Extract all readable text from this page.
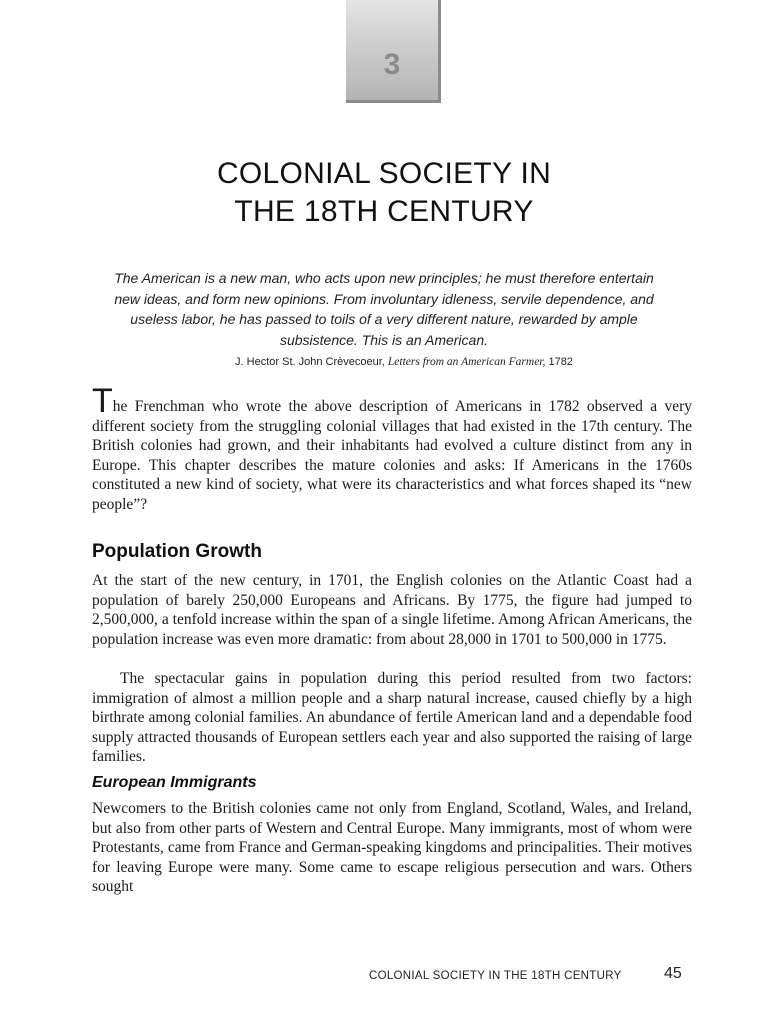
3
COLONIAL SOCIETY IN
THE 18TH CENTURY
The American is a new man, who acts upon new principles; he must therefore entertain new ideas, and form new opinions. From involuntary idleness, servile dependence, and useless labor, he has passed to toils of a very different nature, rewarded by ample subsistence. This is an American.
J. Hector St. John Crèvecoeur, Letters from an American Farmer, 1782
The Frenchman who wrote the above description of Americans in 1782 observed a very different society from the struggling colonial villages that had existed in the 17th century. The British colonies had grown, and their inhabitants had evolved a culture distinct from any in Europe. This chapter describes the mature colonies and asks: If Americans in the 1760s constituted a new kind of society, what were its characteristics and what forces shaped its “new people”?
Population Growth
At the start of the new century, in 1701, the English colonies on the Atlantic Coast had a population of barely 250,000 Europeans and Africans. By 1775, the figure had jumped to 2,500,000, a tenfold increase within the span of a single lifetime. Among African Americans, the population increase was even more dramatic: from about 28,000 in 1701 to 500,000 in 1775.
The spectacular gains in population during this period resulted from two factors: immigration of almost a million people and a sharp natural increase, caused chiefly by a high birthrate among colonial families. An abundance of fertile American land and a dependable food supply attracted thousands of European settlers each year and also supported the raising of large families.
European Immigrants
Newcomers to the British colonies came not only from England, Scotland, Wales, and Ireland, but also from other parts of Western and Central Europe. Many immigrants, most of whom were Protestants, came from France and German-speaking kingdoms and principalities. Their motives for leaving Europe were many. Some came to escape religious persecution and wars. Others sought
COLONIAL SOCIETY IN THE 18TH CENTURY	45
